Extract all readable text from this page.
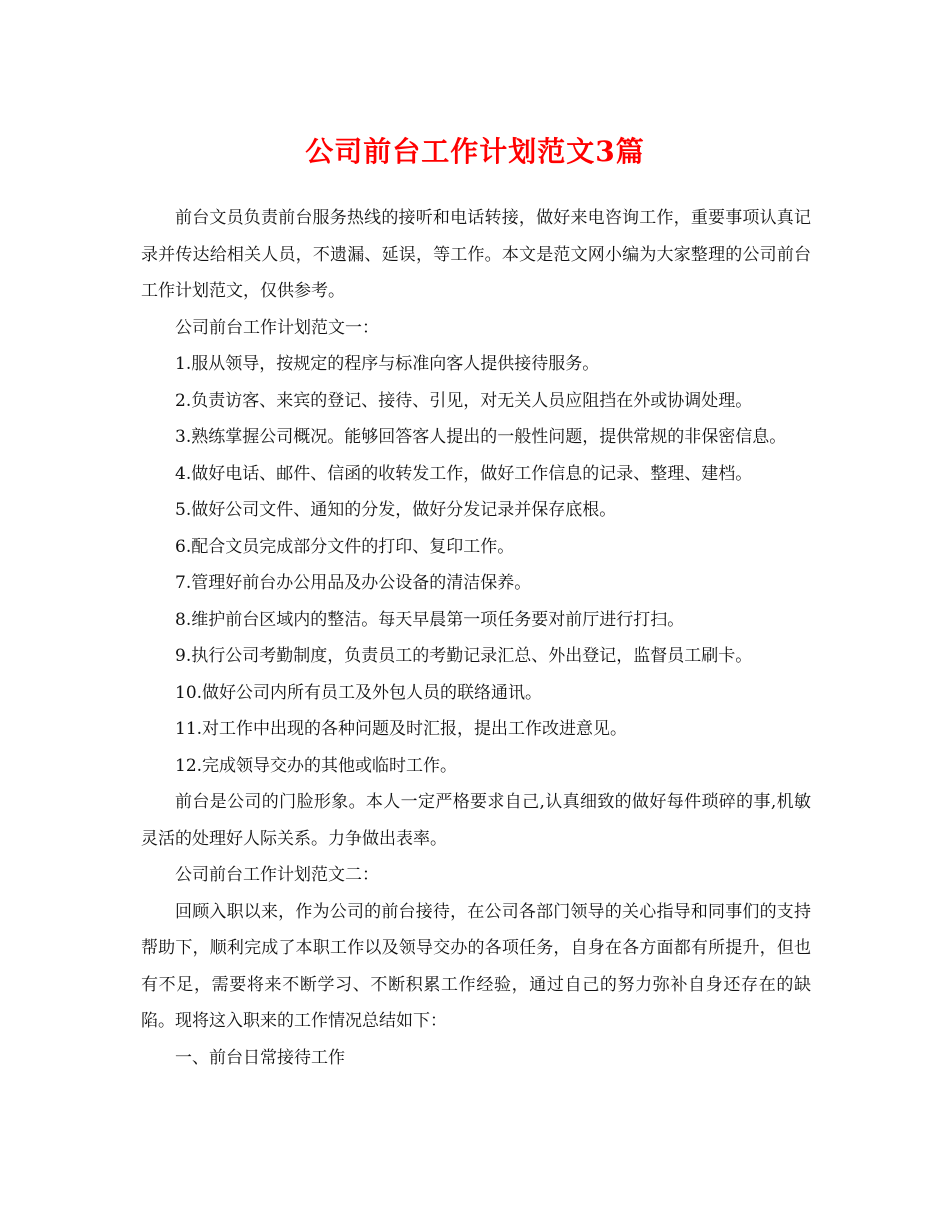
公司前台工作计划范文3篇

前台文员负责前台服务热线的接听和电话转接，做好来电咨询工作，重要事项认真记录并传达给相关人员，不遗漏、延误，等工作。本文是范文网小编为大家整理的公司前台工作计划范文，仅供参考。

公司前台工作计划范文一：

1.服从领导，按规定的程序与标准向客人提供接待服务。

2.负责访客、来宾的登记、接待、引见，对无关人员应阻挡在外或协调处理。

3.熟练掌握公司概况。能够回答客人提出的一般性问题，提供常规的非保密信息。

4.做好电话、邮件、信函的收转发工作，做好工作信息的记录、整理、建档。

5.做好公司文件、通知的分发，做好分发记录并保存底根。

6.配合文员完成部分文件的打印、复印工作。

7.管理好前台办公用品及办公设备的清洁保养。

8.维护前台区域内的整洁。每天早晨第一项任务要对前厅进行打扫。

9.执行公司考勤制度，负责员工的考勤记录汇总、外出登记，监督员工刷卡。

10.做好公司内所有员工及外包人员的联络通讯。

11.对工作中出现的各种问题及时汇报，提出工作改进意见。

12.完成领导交办的其他或临时工作。

前台是公司的门脸形象。本人一定严格要求自己,认真细致的做好每件琐碎的事,机敏灵活的处理好人际关系。力争做出表率。

公司前台工作计划范文二：

回顾入职以来，作为公司的前台接待，在公司各部门领导的关心指导和同事们的支持帮助下，顺利完成了本职工作以及领导交办的各项任务，自身在各方面都有所提升，但也有不足，需要将来不断学习、不断积累工作经验，通过自己的努力弥补自身还存在的缺陷。现将这入职来的工作情况总结如下：

一、前台日常接待工作
